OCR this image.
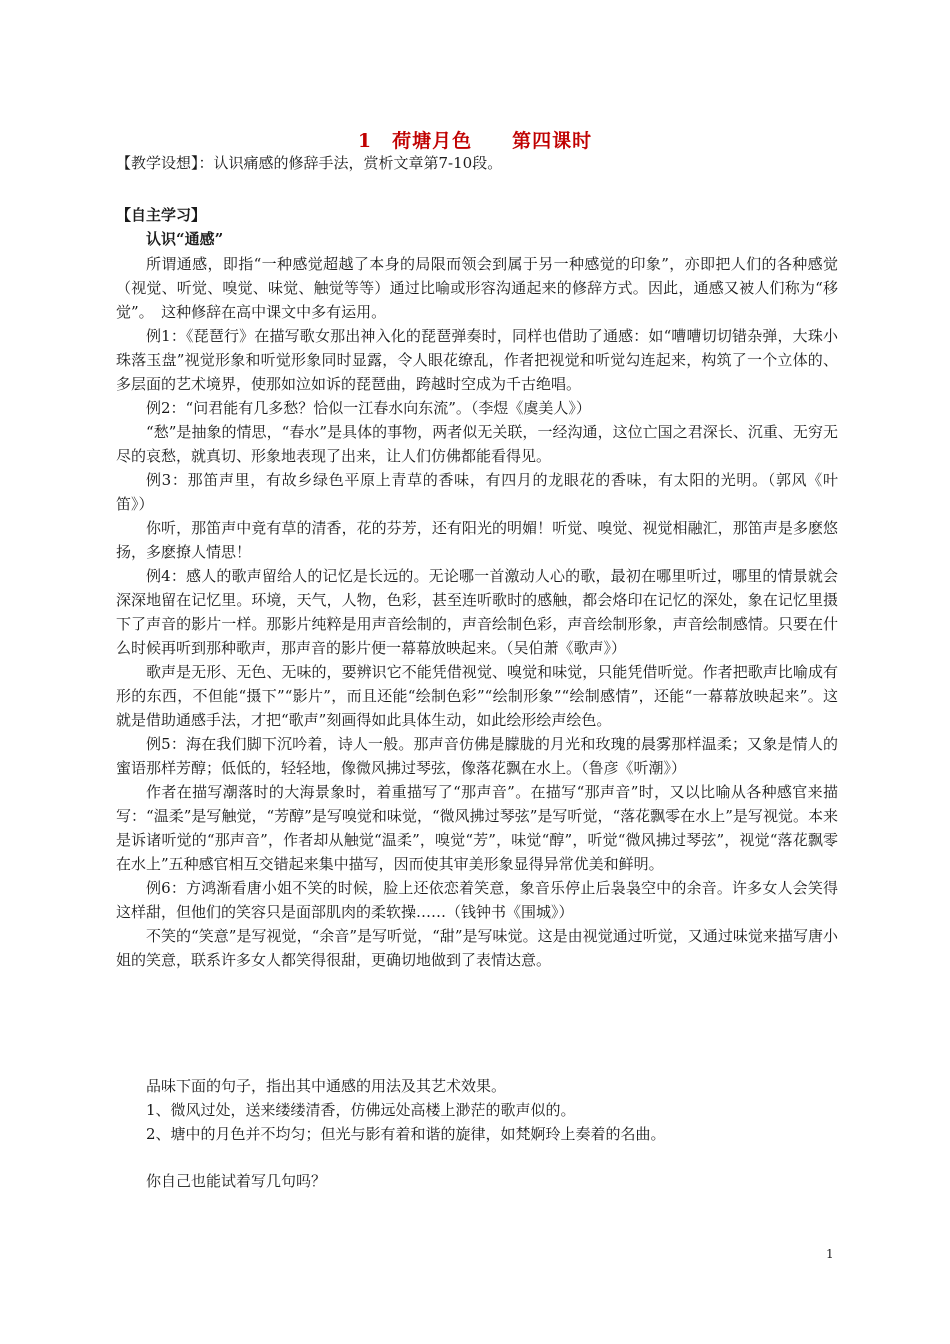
1　荷塘月色　　第四课时
【教学设想】：认识痛感的修辞手法，赏析文章第7-10段。
【自主学习】
认识“通感”

所谓通感，即指“一种感觉超越了本身的局限而领会到属于另一种感觉的印象”，亦即把人们的各种感觉（视觉、听觉、嗅觉、味觉、触觉等等）通过比喻或形容沟通起来的修辞方式。因此，通感又被人们称为“移觉”。　这种修辞在高中课文中多有运用。

例1：《琵琶行》在描写歌女那出神入化的琵琶弹奏时，同样也借助了通感：如“嘈嘈切切错杂弹，大珠小珠落玉盘”视觉形象和听觉形象同时显露，令人眼花缭乱，作者把视觉和听觉勾连起来，构筑了一个立体的、多层面的艺术境界，使那如泣如诉的琵琶曲，跨越时空成为千古绝唱。

例2：“问君能有几多愁？恰似一江春水向东流”。（李煜《虞美人》）

“愁”是抽象的情思，“春水”是具体的事物，两者似无关联，一经沟通，这位亡国之君深长、沉重、无穷无尽的哀愁，就真切、形象地表现了出来，让人们仿佛都能看得见。

例3：那笛声里，有故乡绿色平原上青草的香味，有四月的龙眼花的香味，有太阳的光明。（郭风《叶笛》）

你听，那笛声中竟有草的清香，花的芬芳，还有阳光的明媚！听觉、嗅觉、视觉相融汇，那笛声是多麽悠扬，多麽撩人情思！

例4：感人的歌声留给人的记忆是长远的。无论哪一首激动人心的歌，最初在哪里听过，哪里的情景就会深深地留在记忆里。环境，天气，人物，色彩，甚至连听歌时的感触，都会烙印在记忆的深处，象在记忆里摄下了声音的影片一样。那影片纯粹是用声音绘制的，声音绘制色彩，声音绘制形象，声音绘制感情。只要在什么时候再听到那种歌声，那声音的影片便一幕幕放映起来。（吴伯萧《歌声》）

歌声是无形、无色、无味的，要辨识它不能凭借视觉、嗅觉和味觉，只能凭借听觉。作者把歌声比喻成有形的东西，不但能“摄下”“影片”，而且还能“绘制色彩”“绘制形象”“绘制感情”，还能“一幕幕放映起来”。这就是借助通感手法，才把“歌声”刻画得如此具体生动，如此绘形绘声绘色。

例5：海在我们脚下沉吟着，诗人一般。那声音仿佛是朦胧的月光和玫瑰的晨雾那样温柔；又象是情人的蜜语那样芳醇；低低的，轻轻地，像微风拂过琴弦，像落花飘在水上。（鲁彦《听潮》）

作者在描写潮落时的大海景象时，着重描写了“那声音”。在描写“那声音”时，又以比喻从各种感官来描写：“温柔”是写触觉，“芳醇”是写嗅觉和味觉，“微风拂过琴弦”是写听觉，“落花飘零在水上”是写视觉。本来是诉诸听觉的“那声音”，作者却从触觉“温柔”，嗅觉“芳”，味觉“醇”，听觉“微风拂过琴弦”，视觉“落花飘零在水上”五种感官相互交错起来集中描写，因而使其审美形象显得异常优美和鲜明。

例6：方鸿渐看唐小姐不笑的时候，脸上还依恋着笑意，象音乐停止后袅袅空中的余音。许多女人会笑得这样甜，但他们的笑容只是面部肌肉的柔软操……（钱钟书《围城》）

不笑的“笑意”是写视觉，“余音”是写听觉，“甜”是写味觉。这是由视觉通过听觉，又通过味觉来描写唐小姐的笑意，联系许多女人都笑得很甜，更确切地做到了表情达意。

品味下面的句子，指出其中通感的用法及其艺术效果。

1、微风过处，送来缕缕清香，仿佛远处高楼上渺茫的歌声似的。

2、塘中的月色并不均匀；但光与影有着和谐的旋律，如梵婀玲上奏着的名曲。

你自己也能试着写几句吗？
1
